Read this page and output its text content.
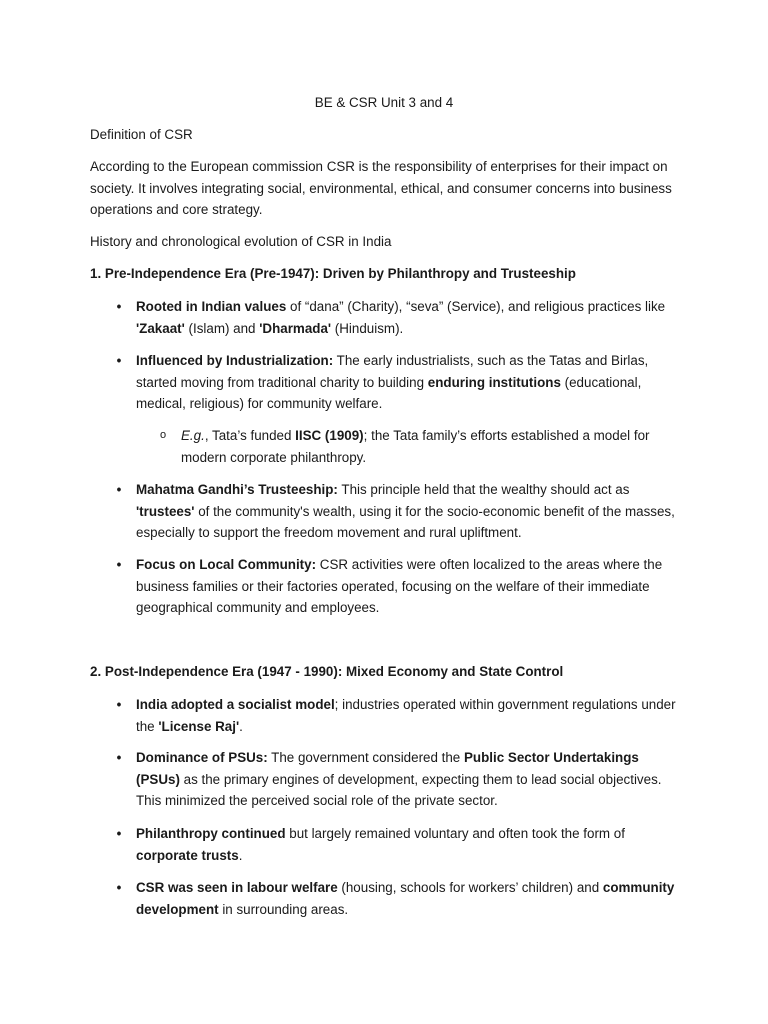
BE & CSR Unit 3 and 4
Definition of CSR
According to the European commission CSR is the responsibility of enterprises for their impact on society. It involves integrating social, environmental, ethical, and consumer concerns into business operations and core strategy.
History and chronological evolution of CSR in India
1. Pre-Independence Era (Pre-1947): Driven by Philanthropy and Trusteeship
•	Rooted in Indian values of “dana” (Charity), “seva” (Service), and religious practices like 'Zakaat' (Islam) and 'Dharmada' (Hinduism).
•	Influenced by Industrialization: The early industrialists, such as the Tatas and Birlas, started moving from traditional charity to building enduring institutions (educational, medical, religious) for community welfare.
o E.g., Tata’s funded IISC (1909); the Tata family’s efforts established a model for modern corporate philanthropy.
•	Mahatma Gandhi’s Trusteeship: This principle held that the wealthy should act as 'trustees' of the community's wealth, using it for the socio-economic benefit of the masses, especially to support the freedom movement and rural upliftment.
•	Focus on Local Community: CSR activities were often localized to the areas where the business families or their factories operated, focusing on the welfare of their immediate geographical community and employees.
2. Post-Independence Era (1947 - 1990): Mixed Economy and State Control
•	India adopted a socialist model; industries operated within government regulations under the 'License Raj'.
•	Dominance of PSUs: The government considered the Public Sector Undertakings (PSUs) as the primary engines of development, expecting them to lead social objectives. This minimized the perceived social role of the private sector.
•	Philanthropy continued but largely remained voluntary and often took the form of corporate trusts.
•	CSR was seen in labour welfare (housing, schools for workers’ children) and community development in surrounding areas.
